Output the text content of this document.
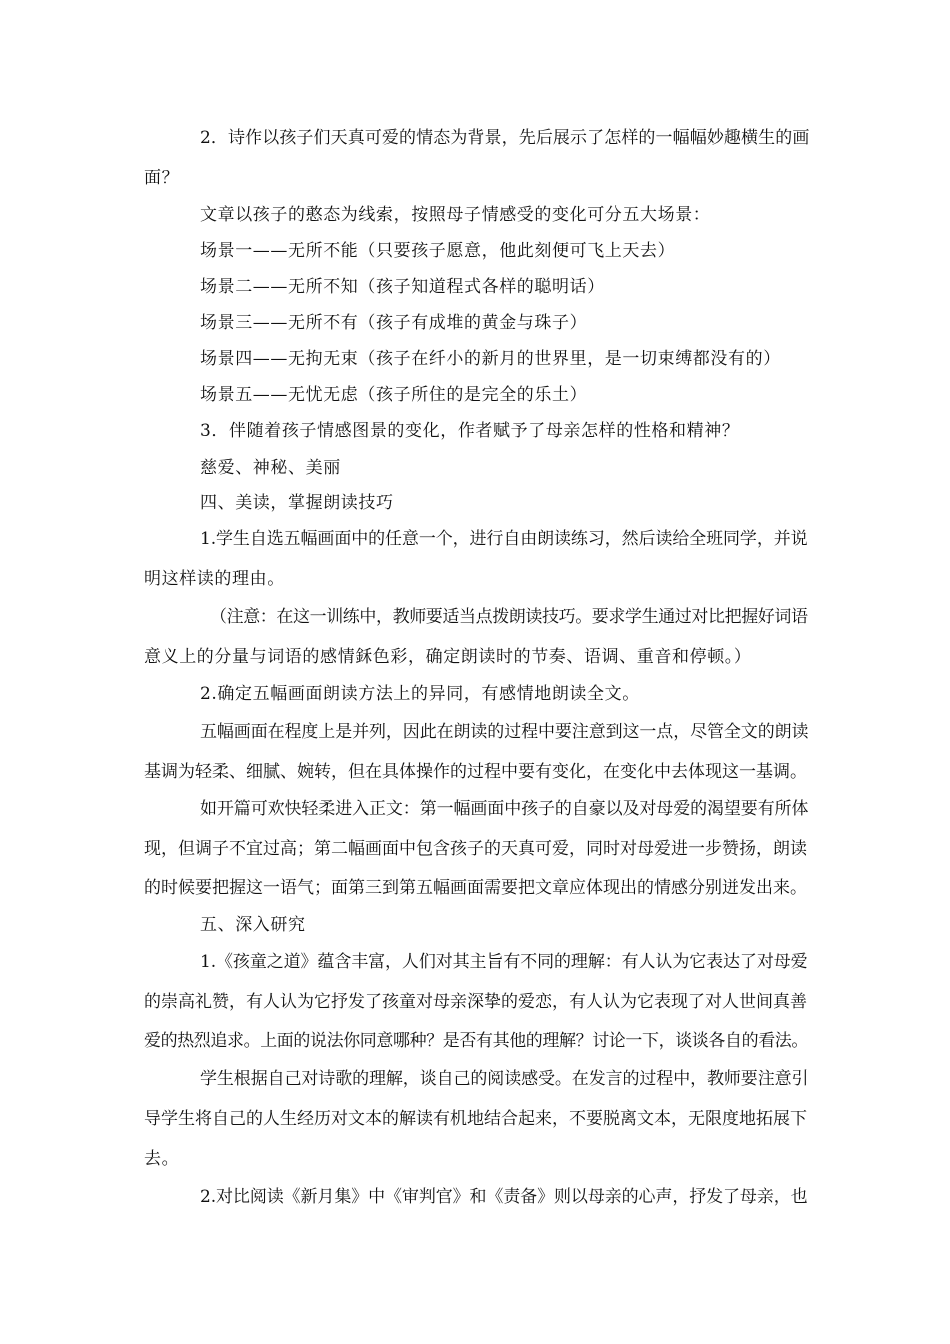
2．诗作以孩子们天真可爱的情态为背景，先后展示了怎样的一幅幅妙趣横生的画
面？
文章以孩子的憨态为线索，按照母子情感受的变化可分五大场景：
场景一——无所不能（只要孩子愿意，他此刻便可飞上天去）
场景二——无所不知（孩子知道程式各样的聪明话）
场景三——无所不有（孩子有成堆的黄金与珠子）
场景四——无拘无束（孩子在纤小的新月的世界里，是一切束缚都没有的）
场景五——无忧无虑（孩子所住的是完全的乐土）
3．伴随着孩子情感图景的变化，作者赋予了母亲怎样的性格和精神？
慈爱、神秘、美丽
四、美读，掌握朗读技巧
1.学生自选五幅画面中的任意一个，进行自由朗读练习，然后读给全班同学，并说
明这样读的理由。
（注意：在这一训练中，教师要适当点拨朗读技巧。要求学生通过对比把握好词语
意义上的分量与词语的感情鉌色彩，确定朗读时的节奏、语调、重音和停顿。）
2.确定五幅画面朗读方法上的异同，有感情地朗读全文。
五幅画面在程度上是并列，因此在朗读的过程中要注意到这一点，尽管全文的朗读
基调为轻柔、细腻、婉转，但在具体操作的过程中要有变化，在变化中去体现这一基调。
如开篇可欢快轻柔进入正文：第一幅画面中孩子的自豪以及对母爱的渴望要有所体
现，但调子不宜过高；第二幅画面中包含孩子的天真可爱，同时对母爱进一步赞扬，朗读
的时候要把握这一语气；面第三到第五幅画面需要把文章应体现出的情感分别迸发出来。
五、深入研究
1.《孩童之道》蕴含丰富，人们对其主旨有不同的理解：有人认为它表达了对母爱
的崇高礼赞，有人认为它抒发了孩童对母亲深挚的爱恋，有人认为它表现了对人世间真善
爱的热烈追求。上面的说法你同意哪种？是否有其他的理解？讨论一下，谈谈各自的看法。
学生根据自己对诗歌的理解，谈自己的阅读感受。在发言的过程中，教师要注意引
导学生将自己的人生经历对文本的解读有机地结合起来，不要脱离文本，无限度地拓展下
去。
2.对比阅读《新月集》中《审判官》和《责备》则以母亲的心声，抒发了母亲，也
